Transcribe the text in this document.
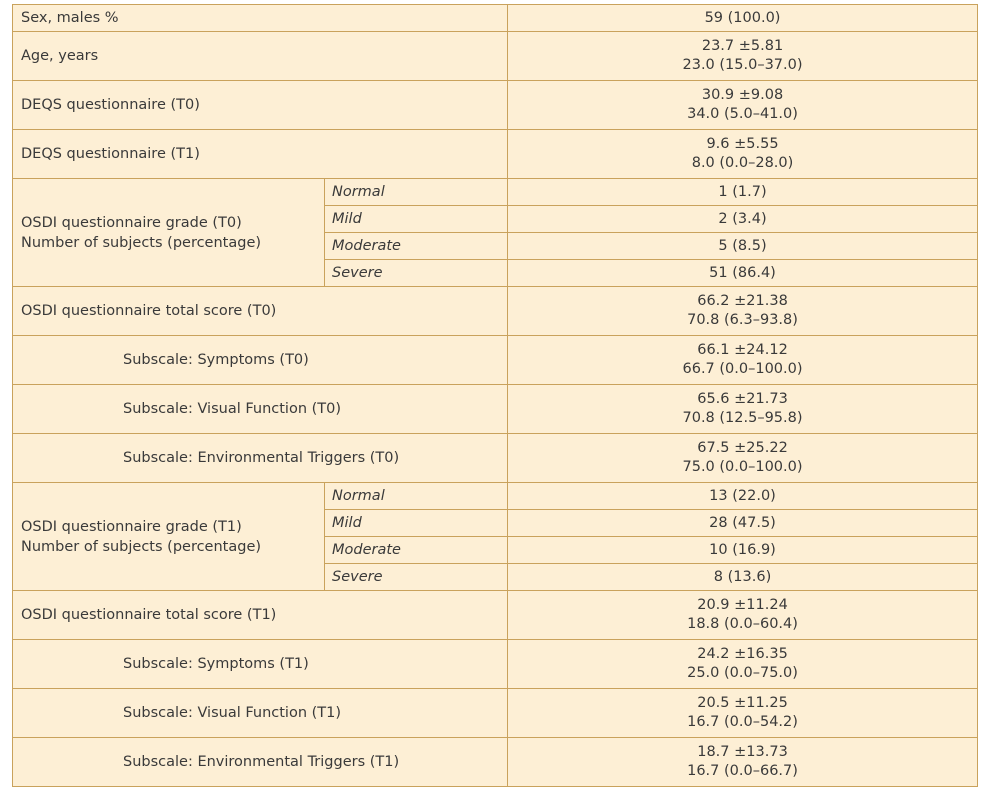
Sex, males %		59 (100.0)

Age, years		23.7 ±5.81
23.0 (15.0–37.0)

DEQS questionnaire (T0)		30.9 ±9.08
34.0 (5.0–41.0)

DEQS questionnaire (T1)		9.6 ±5.55
8.0 (0.0–28.0)

OSDI questionnaire grade (T0)
Number of subjects (percentage)	Normal	1 (1.7)
	Mild	2 (3.4)
	Moderate	5 (8.5)
	Severe	51 (86.4)
OSDI questionnaire total score (T0)		66.2 ±21.38
70.8 (6.3–93.8)

Subscale: Symptoms (T0)		66.1 ±24.12
66.7 (0.0–100.0)

Subscale: Visual Function (T0)		65.6 ±21.73
70.8 (12.5–95.8)

Subscale: Environmental Triggers (T0)		67.5 ±25.22
75.0 (0.0–100.0)

OSDI questionnaire grade (T1)
Number of subjects (percentage)	Normal	13 (22.0)
	Mild	28 (47.5)
	Moderate	10 (16.9)
	Severe	8 (13.6)
OSDI questionnaire total score (T1)		20.9 ±11.24
18.8 (0.0–60.4)

Subscale: Symptoms (T1)		24.2 ±16.35
25.0 (0.0–75.0)

Subscale: Visual Function (T1)		20.5 ±11.25
16.7 (0.0–54.2)

Subscale: Environmental Triggers (T1)		18.7 ±13.73
16.7 (0.0–66.7)
